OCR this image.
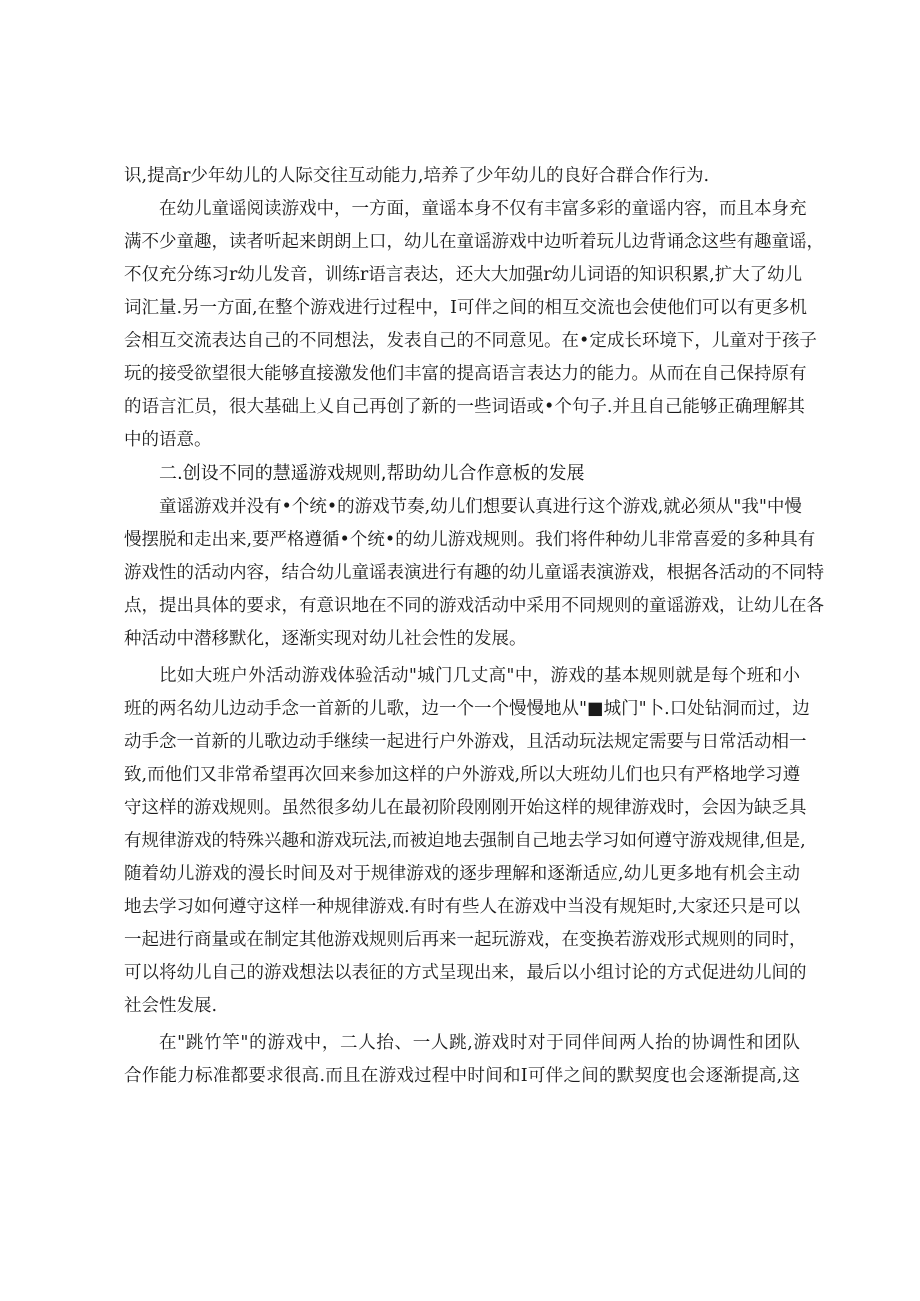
识,提高r少年幼儿的人际交往互动能力,培养了少年幼儿的良好合群合作行为.
在幼儿童谣阅读游戏中，一方面，童谣本身不仅有丰富多彩的童谣内容，而且本身充
满不少童趣，读者听起来朗朗上口，幼儿在童谣游戏中边听着玩儿边背诵念这些有趣童谣，
不仅充分练习r幼儿发音，训练r语言表达，还大大加强r幼儿词语的知识积累,扩大了幼儿
词汇量.另一方面,在整个游戏进行过程中，I可伴之间的相互交流也会使他们可以有更多机
会相互交流表达自己的不同想法，发表自己的不同意见。在•定成长环境下，儿童对于孩子
玩的接受欲望很大能够直接激发他们丰富的提高语言表达力的能力。从而在自己保持原有
的语言汇员，很大基础上乂自己再创了新的一些词语或•个句子.并且自己能够正确理解其
中的语意。
二.创设不同的慧遥游戏规则,帮助幼儿合作意板的发展
童谣游戏并没有•个统•的游戏节奏,幼儿们想要认真进行这个游戏,就必须从"我"中慢
慢摆脱和走出来,要严格遵循•个统•的幼儿游戏规则。我们将件种幼儿非常喜爱的多种具有
游戏性的活动内容，结合幼儿童谣表演进行有趣的幼儿童谣表演游戏，根据各活动的不同特
点，提出具体的要求，有意识地在不同的游戏活动中采用不同规则的童谣游戏，让幼儿在各
种活动中潜移默化，逐渐实现对幼儿社会性的发展。
比如大班户外活动游戏体验活动"城门几丈高"中，游戏的基本规则就是每个班和小
班的两名幼儿边动手念一首新的儿歌，边一个一个慢慢地从"■城门"卜.口处钻洞而过，边
动手念一首新的儿歌边动手继续一起进行户外游戏，且活动玩法规定需要与日常活动相一
致,而他们又非常希望再次回来参加这样的户外游戏,所以大班幼儿们也只有严格地学习遵
守这样的游戏规则。虽然很多幼儿在最初阶段刚刚开始这样的规律游戏时，会因为缺乏具
有规律游戏的特殊兴趣和游戏玩法,而被迫地去强制自己地去学习如何遵守游戏规律,但是,
随着幼儿游戏的漫长时间及对于规律游戏的逐步理解和逐渐适应,幼儿更多地有机会主动
地去学习如何遵守这样一种规律游戏.有时有些人在游戏中当没有规矩时,大家还只是可以
一起进行商量或在制定其他游戏规则后再来一起玩游戏，在变换若游戏形式规则的同时，
可以将幼儿自己的游戏想法以表征的方式呈现出来，最后以小组讨论的方式促进幼儿间的
社会性发展.
在"跳竹竿"的游戏中，二人抬、一人跳,游戏时对于同伴间两人抬的协调性和团队
合作能力标准都要求很高.而且在游戏过程中时间和I可伴之间的默契度也会逐渐提高,这
